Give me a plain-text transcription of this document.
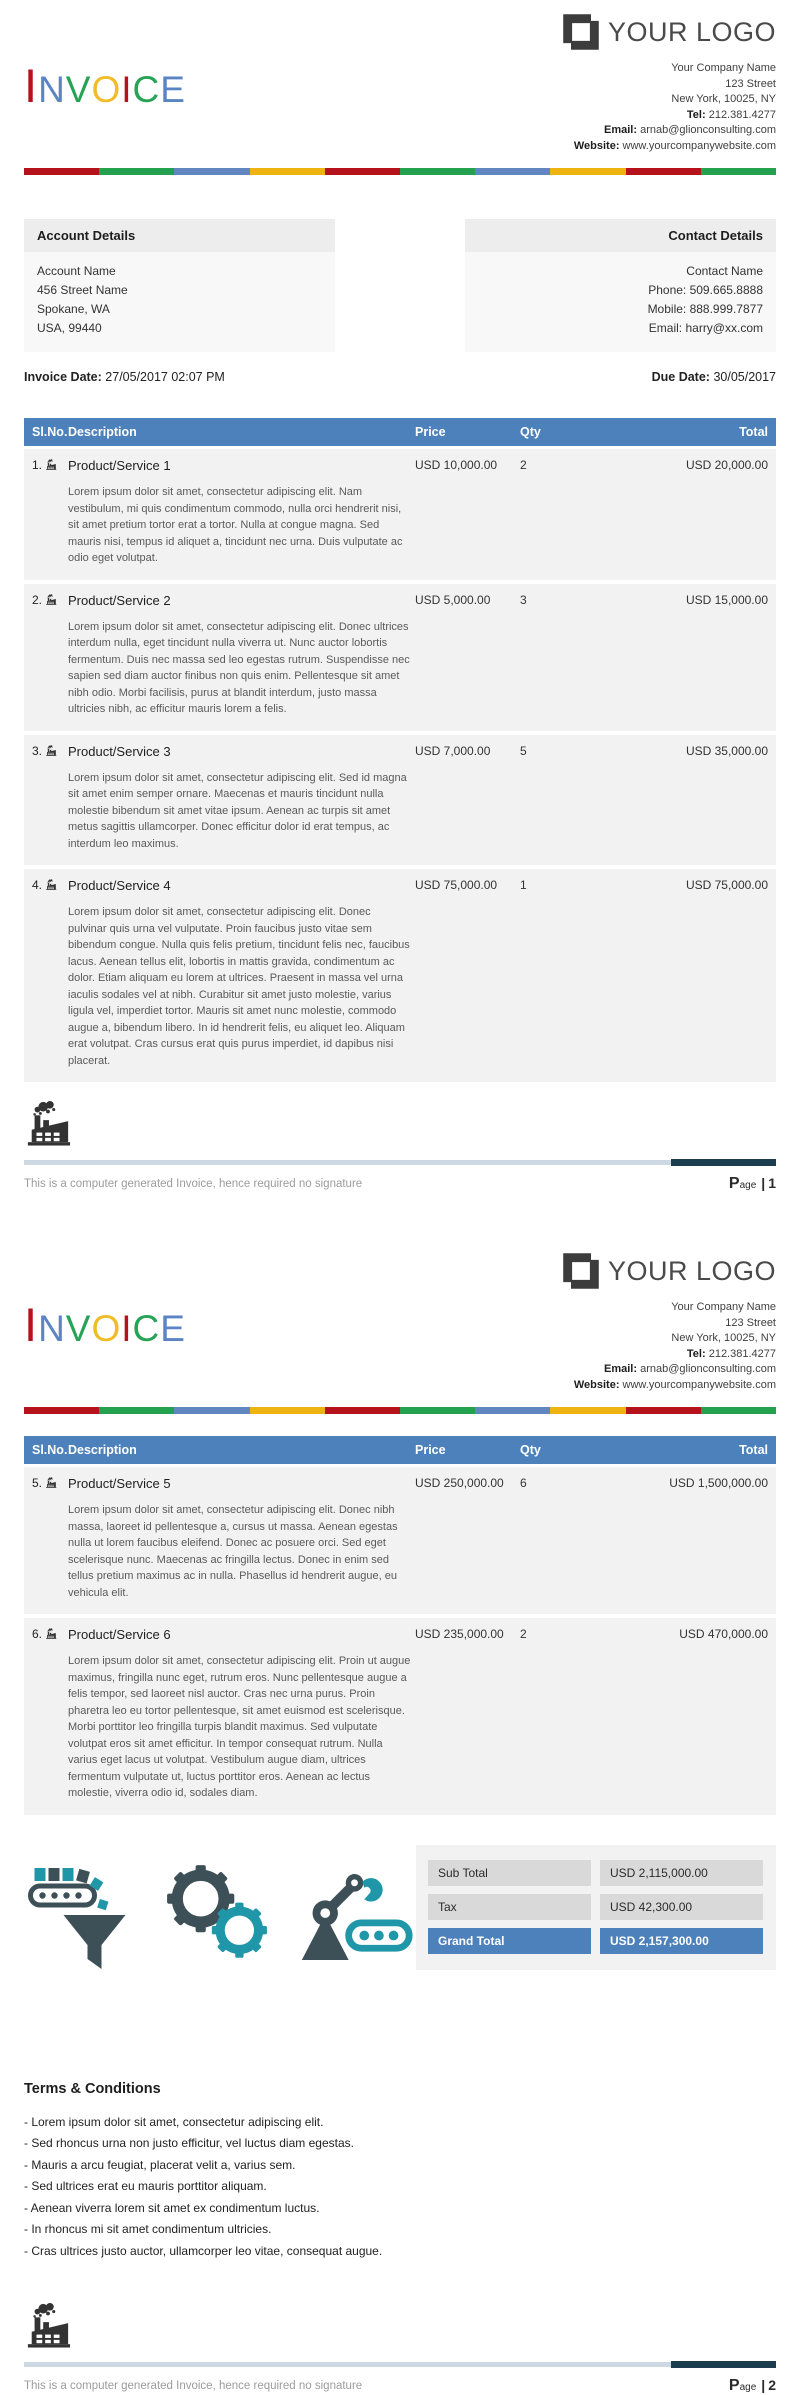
INVOICE
YOUR LOGO
Your Company Name
123 Street
New York, 10025, NY
Tel: 212.381.4277
Email: arnab@glionconsulting.com
Website: www.yourcompanywebsite.com
Account Details
Account Name
456 Street Name
Spokane, WA
USA, 99440
Contact Details
Contact Name
Phone: 509.665.8888
Mobile: 888.999.7877
Email: harry@xx.com
Invoice Date: 27/05/2017 02:07 PM	Due Date: 30/05/2017
Sl.No. Description	Price	Qty	Total
1. Product/Service 1	USD 10,000.00	2	USD 20,000.00
Lorem ipsum dolor sit amet, consectetur adipiscing elit. Nam vestibulum, mi quis condimentum commodo, nulla orci hendrerit nisi, sit amet pretium tortor erat a tortor. Nulla at congue magna. Sed mauris nisi, tempus id aliquet a, tincidunt nec urna. Duis vulputate ac odio eget volutpat.
2. Product/Service 2	USD 5,000.00	3	USD 15,000.00
Lorem ipsum dolor sit amet, consectetur adipiscing elit. Donec ultrices interdum nulla, eget tincidunt nulla viverra ut. Nunc auctor lobortis fermentum. Duis nec massa sed leo egestas rutrum. Suspendisse nec sapien sed diam auctor finibus non quis enim. Pellentesque sit amet nibh odio. Morbi facilisis, purus at blandit interdum, justo massa ultricies nibh, ac efficitur mauris lorem a felis.
3. Product/Service 3	USD 7,000.00	5	USD 35,000.00
Lorem ipsum dolor sit amet, consectetur adipiscing elit. Sed id magna sit amet enim semper ornare. Maecenas et mauris tincidunt nulla molestie bibendum sit amet vitae ipsum. Aenean ac turpis sit amet metus sagittis ullamcorper. Donec efficitur dolor id erat tempus, ac interdum leo maximus.
4. Product/Service 4	USD 75,000.00	1	USD 75,000.00
Lorem ipsum dolor sit amet, consectetur adipiscing elit. Donec pulvinar quis urna vel vulputate. Proin faucibus justo vitae sem bibendum congue. Nulla quis felis pretium, tincidunt felis nec, faucibus lacus. Aenean tellus elit, lobortis in mattis gravida, condimentum ac dolor. Etiam aliquam eu lorem at ultrices. Praesent in massa vel urna iaculis sodales vel at nibh. Curabitur sit amet justo molestie, varius ligula vel, imperdiet tortor. Mauris sit amet nunc molestie, commodo augue a, bibendum libero. In id hendrerit felis, eu aliquet leo. Aliquam erat volutpat. Cras cursus erat quis purus imperdiet, id dapibus nisi placerat.
This is a computer generated Invoice, hence required no signature	Page | 1
INVOICE
YOUR LOGO
Your Company Name
123 Street
New York, 10025, NY
Tel: 212.381.4277
Email: arnab@glionconsulting.com
Website: www.yourcompanywebsite.com
Sl.No. Description	Price	Qty	Total
5. Product/Service 5	USD 250,000.00	6	USD 1,500,000.00
Lorem ipsum dolor sit amet, consectetur adipiscing elit. Donec nibh massa, laoreet id pellentesque a, cursus ut massa. Aenean egestas nulla ut lorem faucibus eleifend. Donec ac posuere orci. Sed eget scelerisque nunc. Maecenas ac fringilla lectus. Donec in enim sed tellus pretium maximus ac in nulla. Phasellus id hendrerit augue, eu vehicula elit.
6. Product/Service 6	USD 235,000.00	2	USD 470,000.00
Lorem ipsum dolor sit amet, consectetur adipiscing elit. Proin ut augue maximus, fringilla nunc eget, rutrum eros. Nunc pellentesque augue a felis tempor, sed laoreet nisl auctor. Cras nec urna purus. Proin pharetra leo eu tortor pellentesque, sit amet euismod est scelerisque. Morbi porttitor leo fringilla turpis blandit maximus. Sed vulputate volutpat eros sit amet efficitur. In tempor consequat rutrum. Nulla varius eget lacus ut volutpat. Vestibulum augue diam, ultrices fermentum vulputate ut, luctus porttitor eros. Aenean ac lectus molestie, viverra odio id, sodales diam.
Sub Total	USD 2,115,000.00
Tax	USD 42,300.00
Grand Total	USD 2,157,300.00
Terms & Conditions
- Lorem ipsum dolor sit amet, consectetur adipiscing elit.
- Sed rhoncus urna non justo efficitur, vel luctus diam egestas.
- Mauris a arcu feugiat, placerat velit a, varius sem.
- Sed ultrices erat eu mauris porttitor aliquam.
- Aenean viverra lorem sit amet ex condimentum luctus.
- In rhoncus mi sit amet condimentum ultricies.
- Cras ultrices justo auctor, ullamcorper leo vitae, consequat augue.
This is a computer generated Invoice, hence required no signature	Page | 2
